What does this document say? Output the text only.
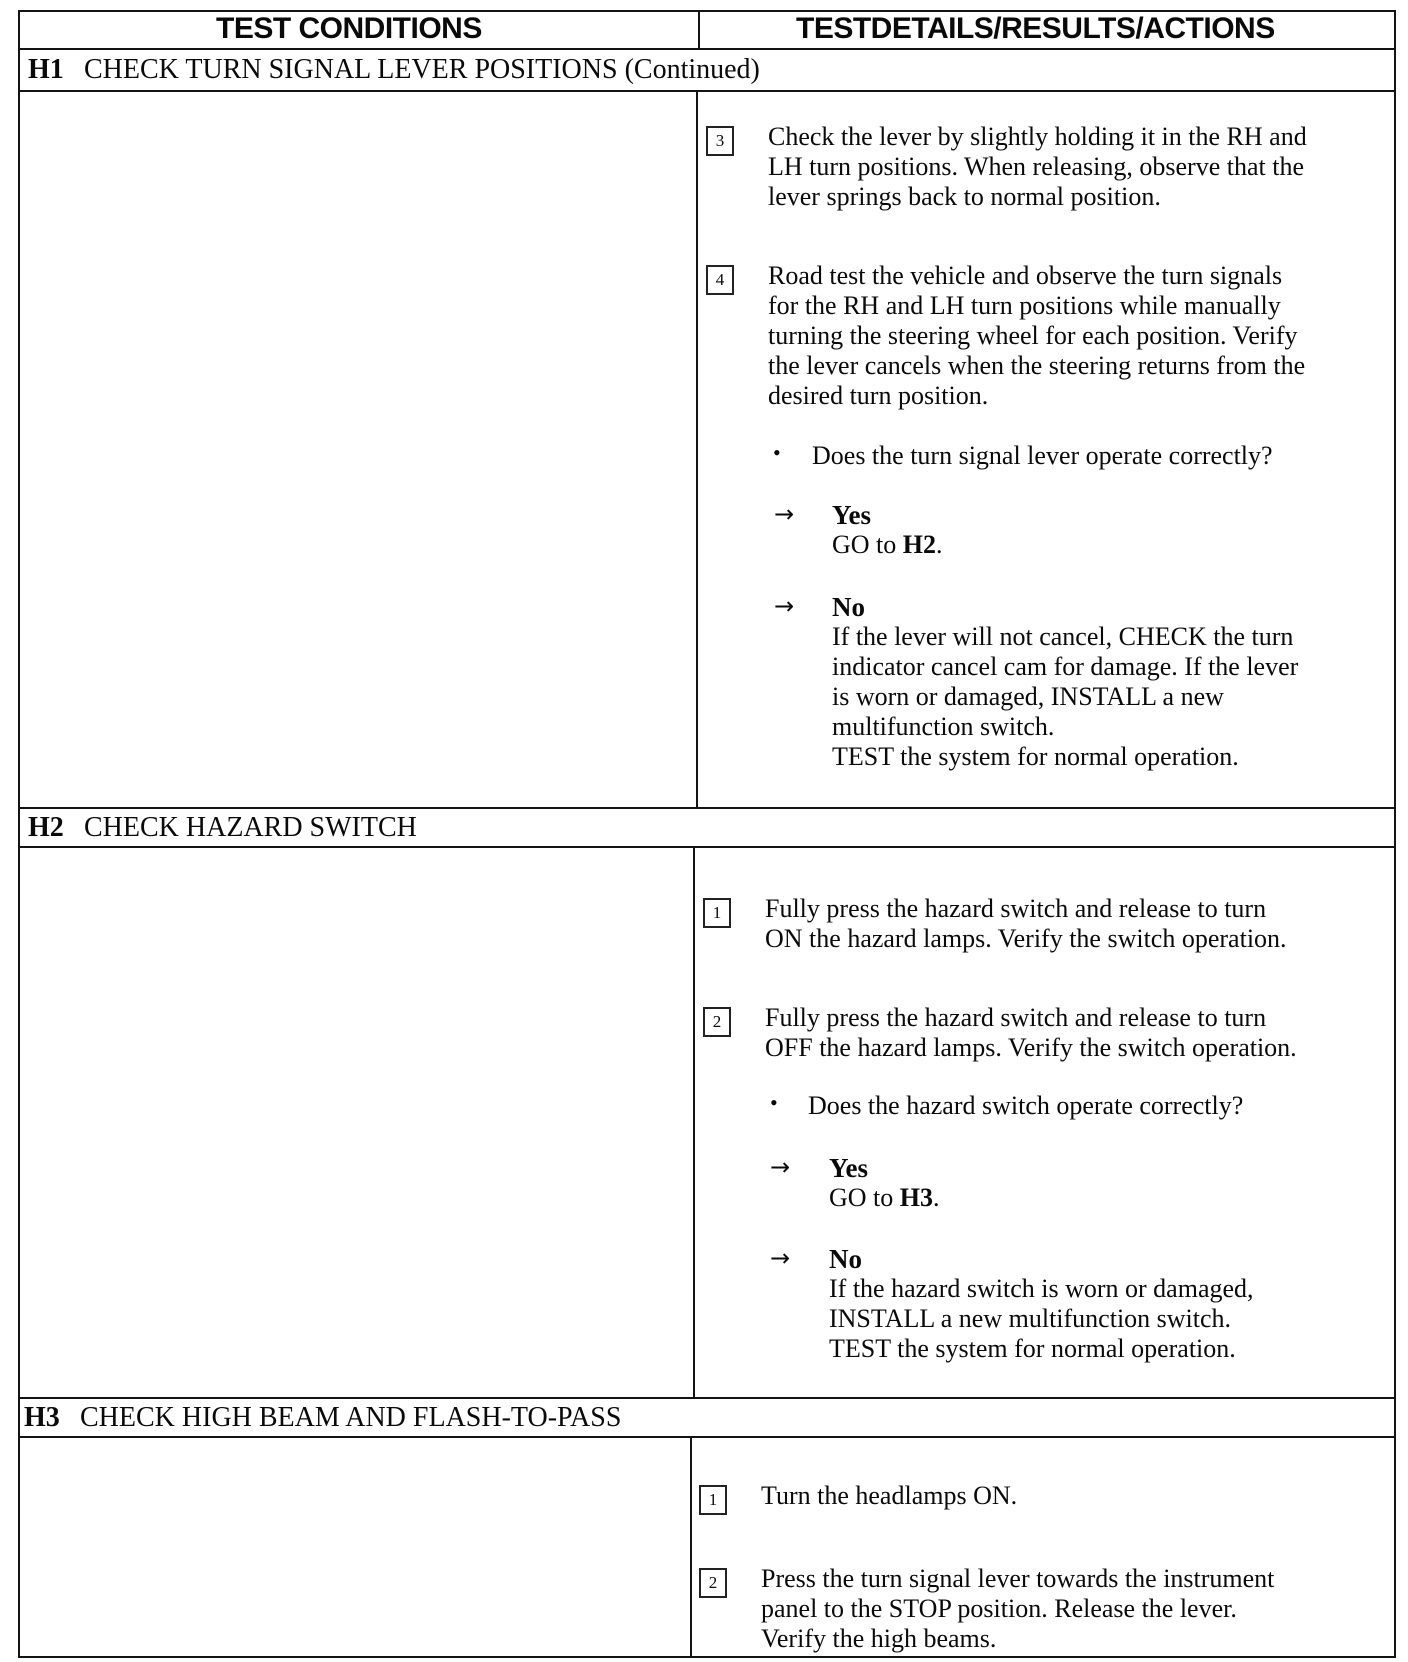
TEST CONDITIONS	TESTDETAILS/RESULTS/ACTIONS
H1 CHECK TURN SIGNAL LEVER POSITIONS (Continued)
3	Check the lever by slightly holding it in the RH and
LH turn positions. When releasing, observe that the
lever springs back to normal position.
4	Road test the vehicle and observe the turn signals
for the RH and LH turn positions while manually
turning the steering wheel for each position. Verify
the lever cancels when the steering returns from the
desired turn position.
• Does the turn signal lever operate correctly?
→ Yes
GO to H2.
→ No
If the lever will not cancel, CHECK the turn
indicator cancel cam for damage. If the lever
is worn or damaged, INSTALL a new
multifunction switch.
TEST the system for normal operation.
H2 CHECK HAZARD SWITCH
1	Fully press the hazard switch and release to turn
ON the hazard lamps. Verify the switch operation.
2	Fully press the hazard switch and release to turn
OFF the hazard lamps. Verify the switch operation.
• Does the hazard switch operate correctly?
→ Yes
GO to H3.
→ No
If the hazard switch is worn or damaged,
INSTALL a new multifunction switch.
TEST the system for normal operation.
H3 CHECK HIGH BEAM AND FLASH-TO-PASS
1	Turn the headlamps ON.
2	Press the turn signal lever towards the instrument
panel to the STOP position. Release the lever.
Verify the high beams.
